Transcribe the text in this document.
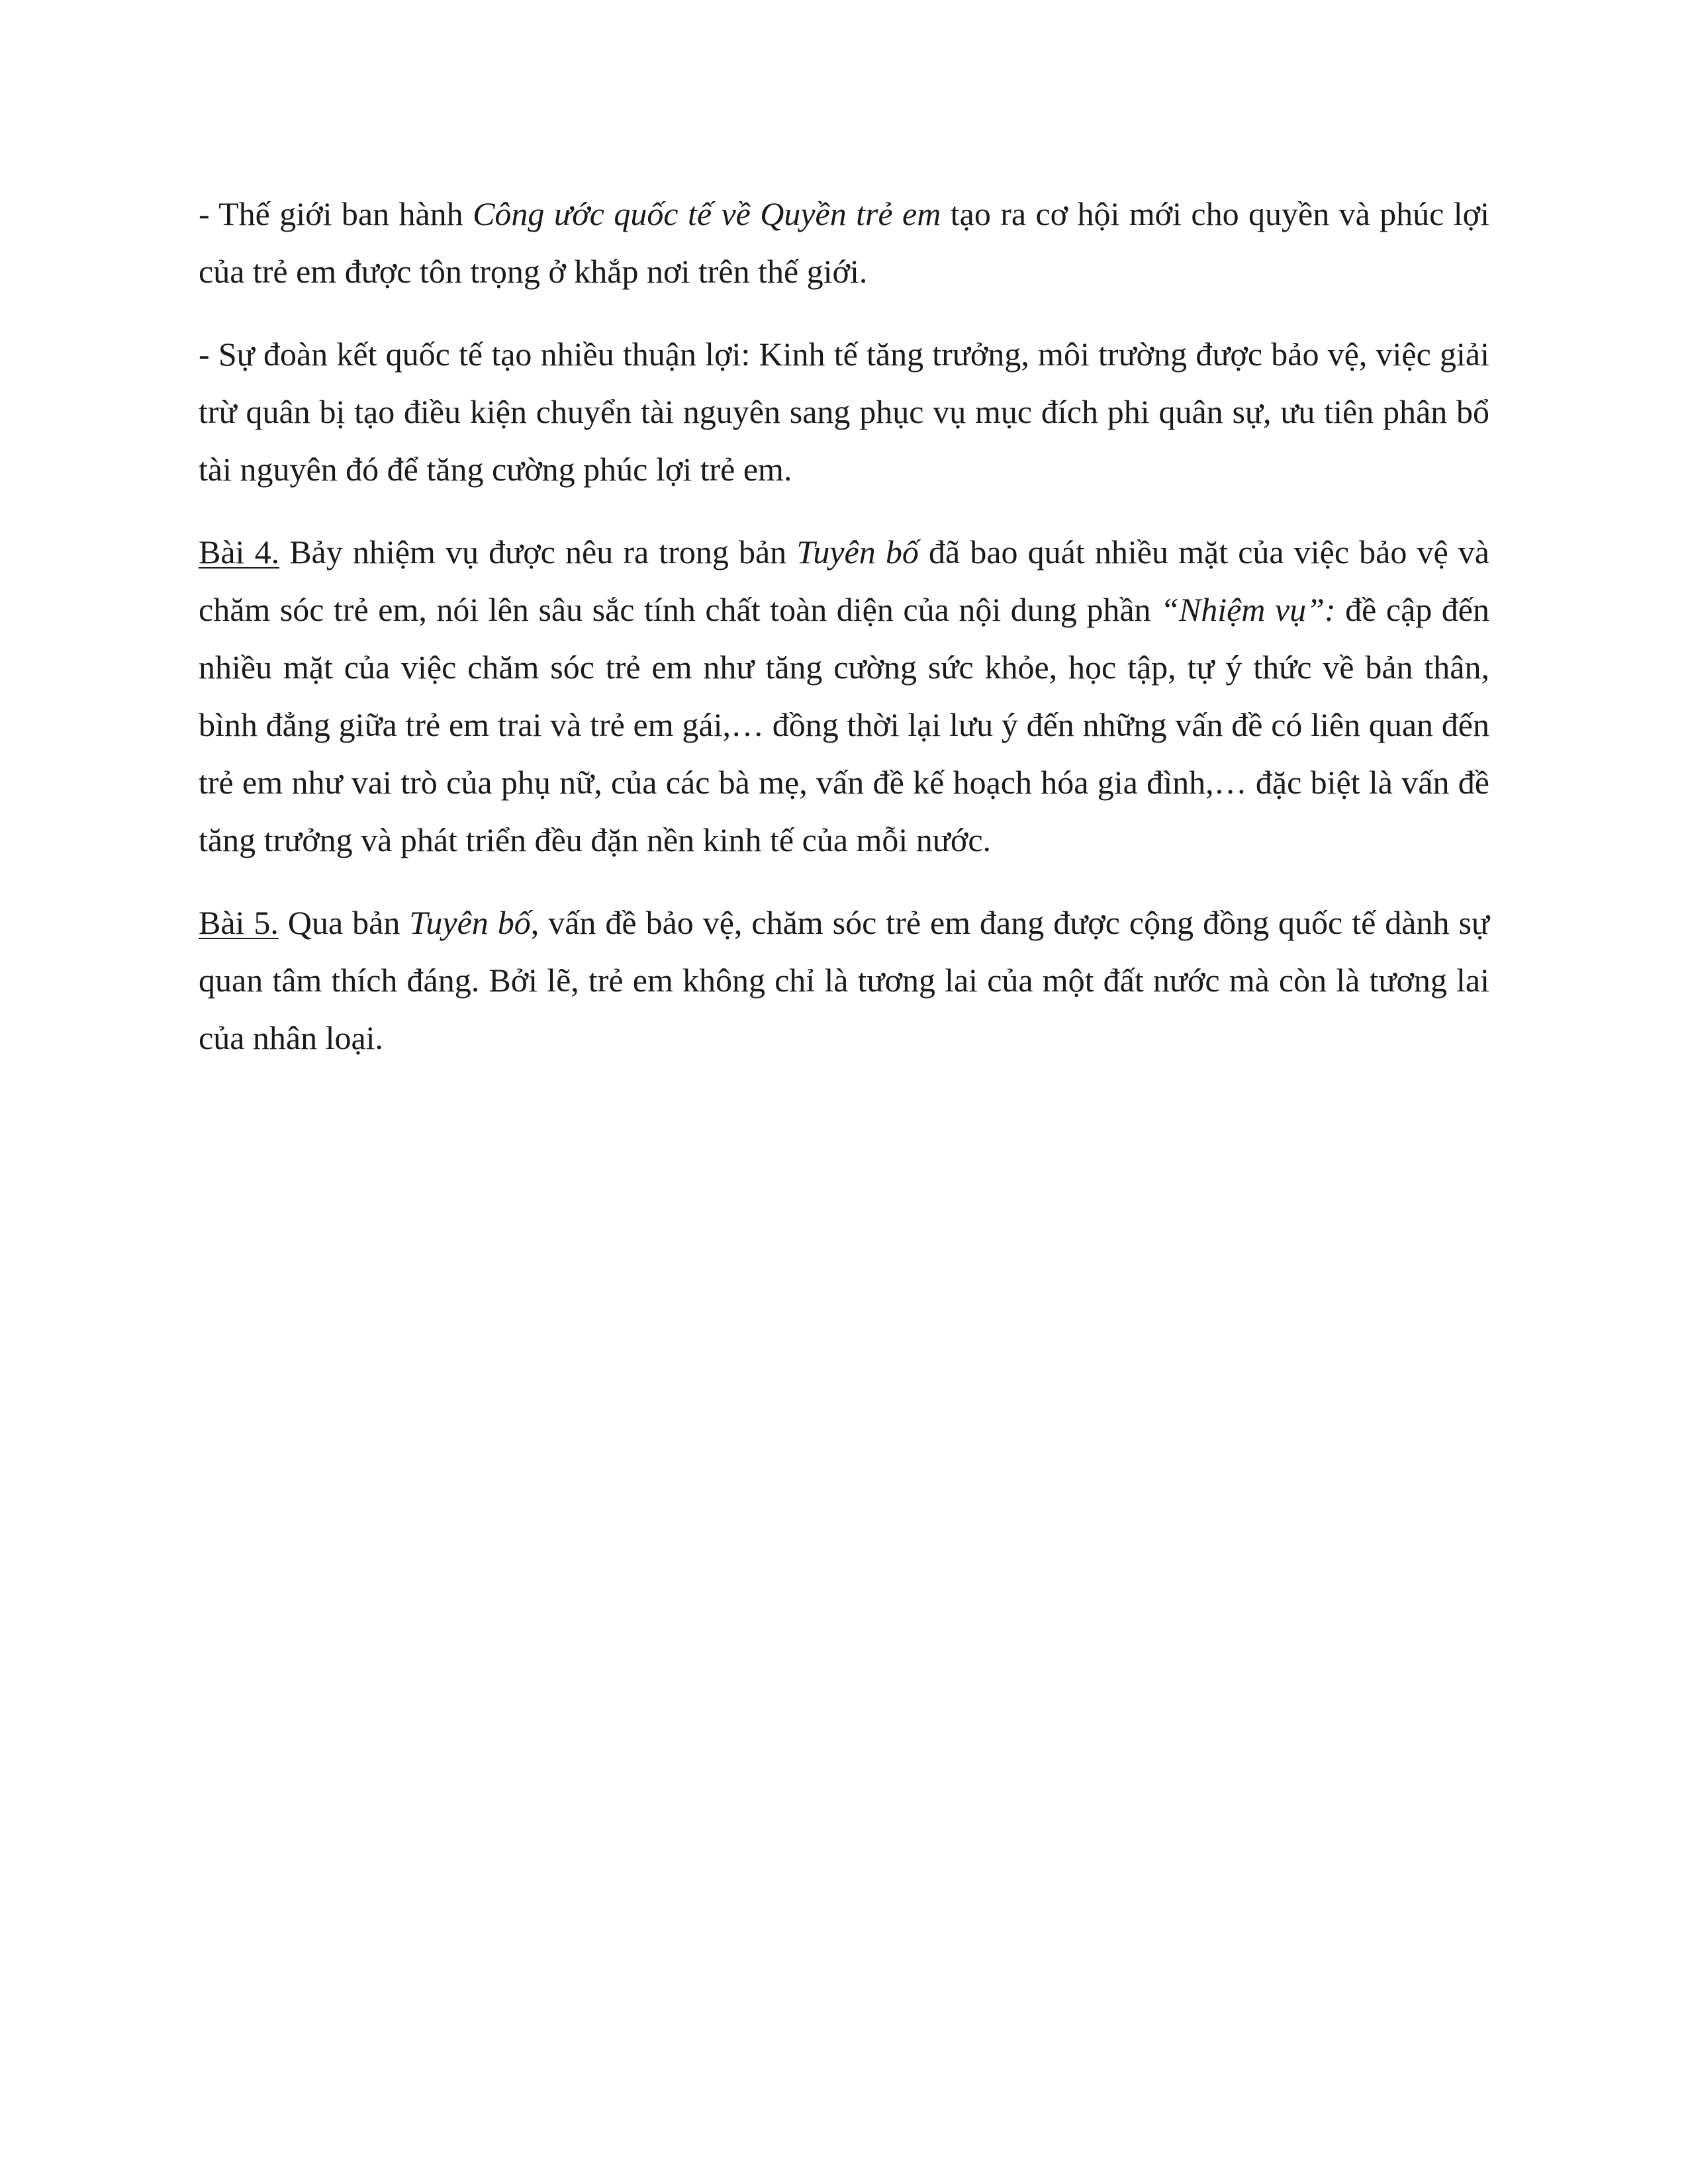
- Thế giới ban hành Công ước quốc tế về Quyền trẻ em tạo ra cơ hội mới cho quyền và phúc lợi của trẻ em được tôn trọng ở khắp nơi trên thế giới.

- Sự đoàn kết quốc tế tạo nhiều thuận lợi: Kinh tế tăng trưởng, môi trường được bảo vệ, việc giải trừ quân bị tạo điều kiện chuyển tài nguyên sang phục vụ mục đích phi quân sự, ưu tiên phân bổ tài nguyên đó để tăng cường phúc lợi trẻ em.

Bài 4. Bảy nhiệm vụ được nêu ra trong bản Tuyên bố đã bao quát nhiều mặt của việc bảo vệ và chăm sóc trẻ em, nói lên sâu sắc tính chất toàn diện của nội dung phần “Nhiệm vụ”: đề cập đến nhiều mặt của việc chăm sóc trẻ em như tăng cường sức khỏe, học tập, tự ý thức về bản thân, bình đẳng giữa trẻ em trai và trẻ em gái,… đồng thời lại lưu ý đến những vấn đề có liên quan đến trẻ em như vai trò của phụ nữ, của các bà mẹ, vấn đề kế hoạch hóa gia đình,… đặc biệt là vấn đề tăng trưởng và phát triển đều đặn nền kinh tế của mỗi nước.

Bài 5. Qua bản Tuyên bố, vấn đề bảo vệ, chăm sóc trẻ em đang được cộng đồng quốc tế dành sự quan tâm thích đáng. Bởi lẽ, trẻ em không chỉ là tương lai của một đất nước mà còn là tương lai của nhân loại.
